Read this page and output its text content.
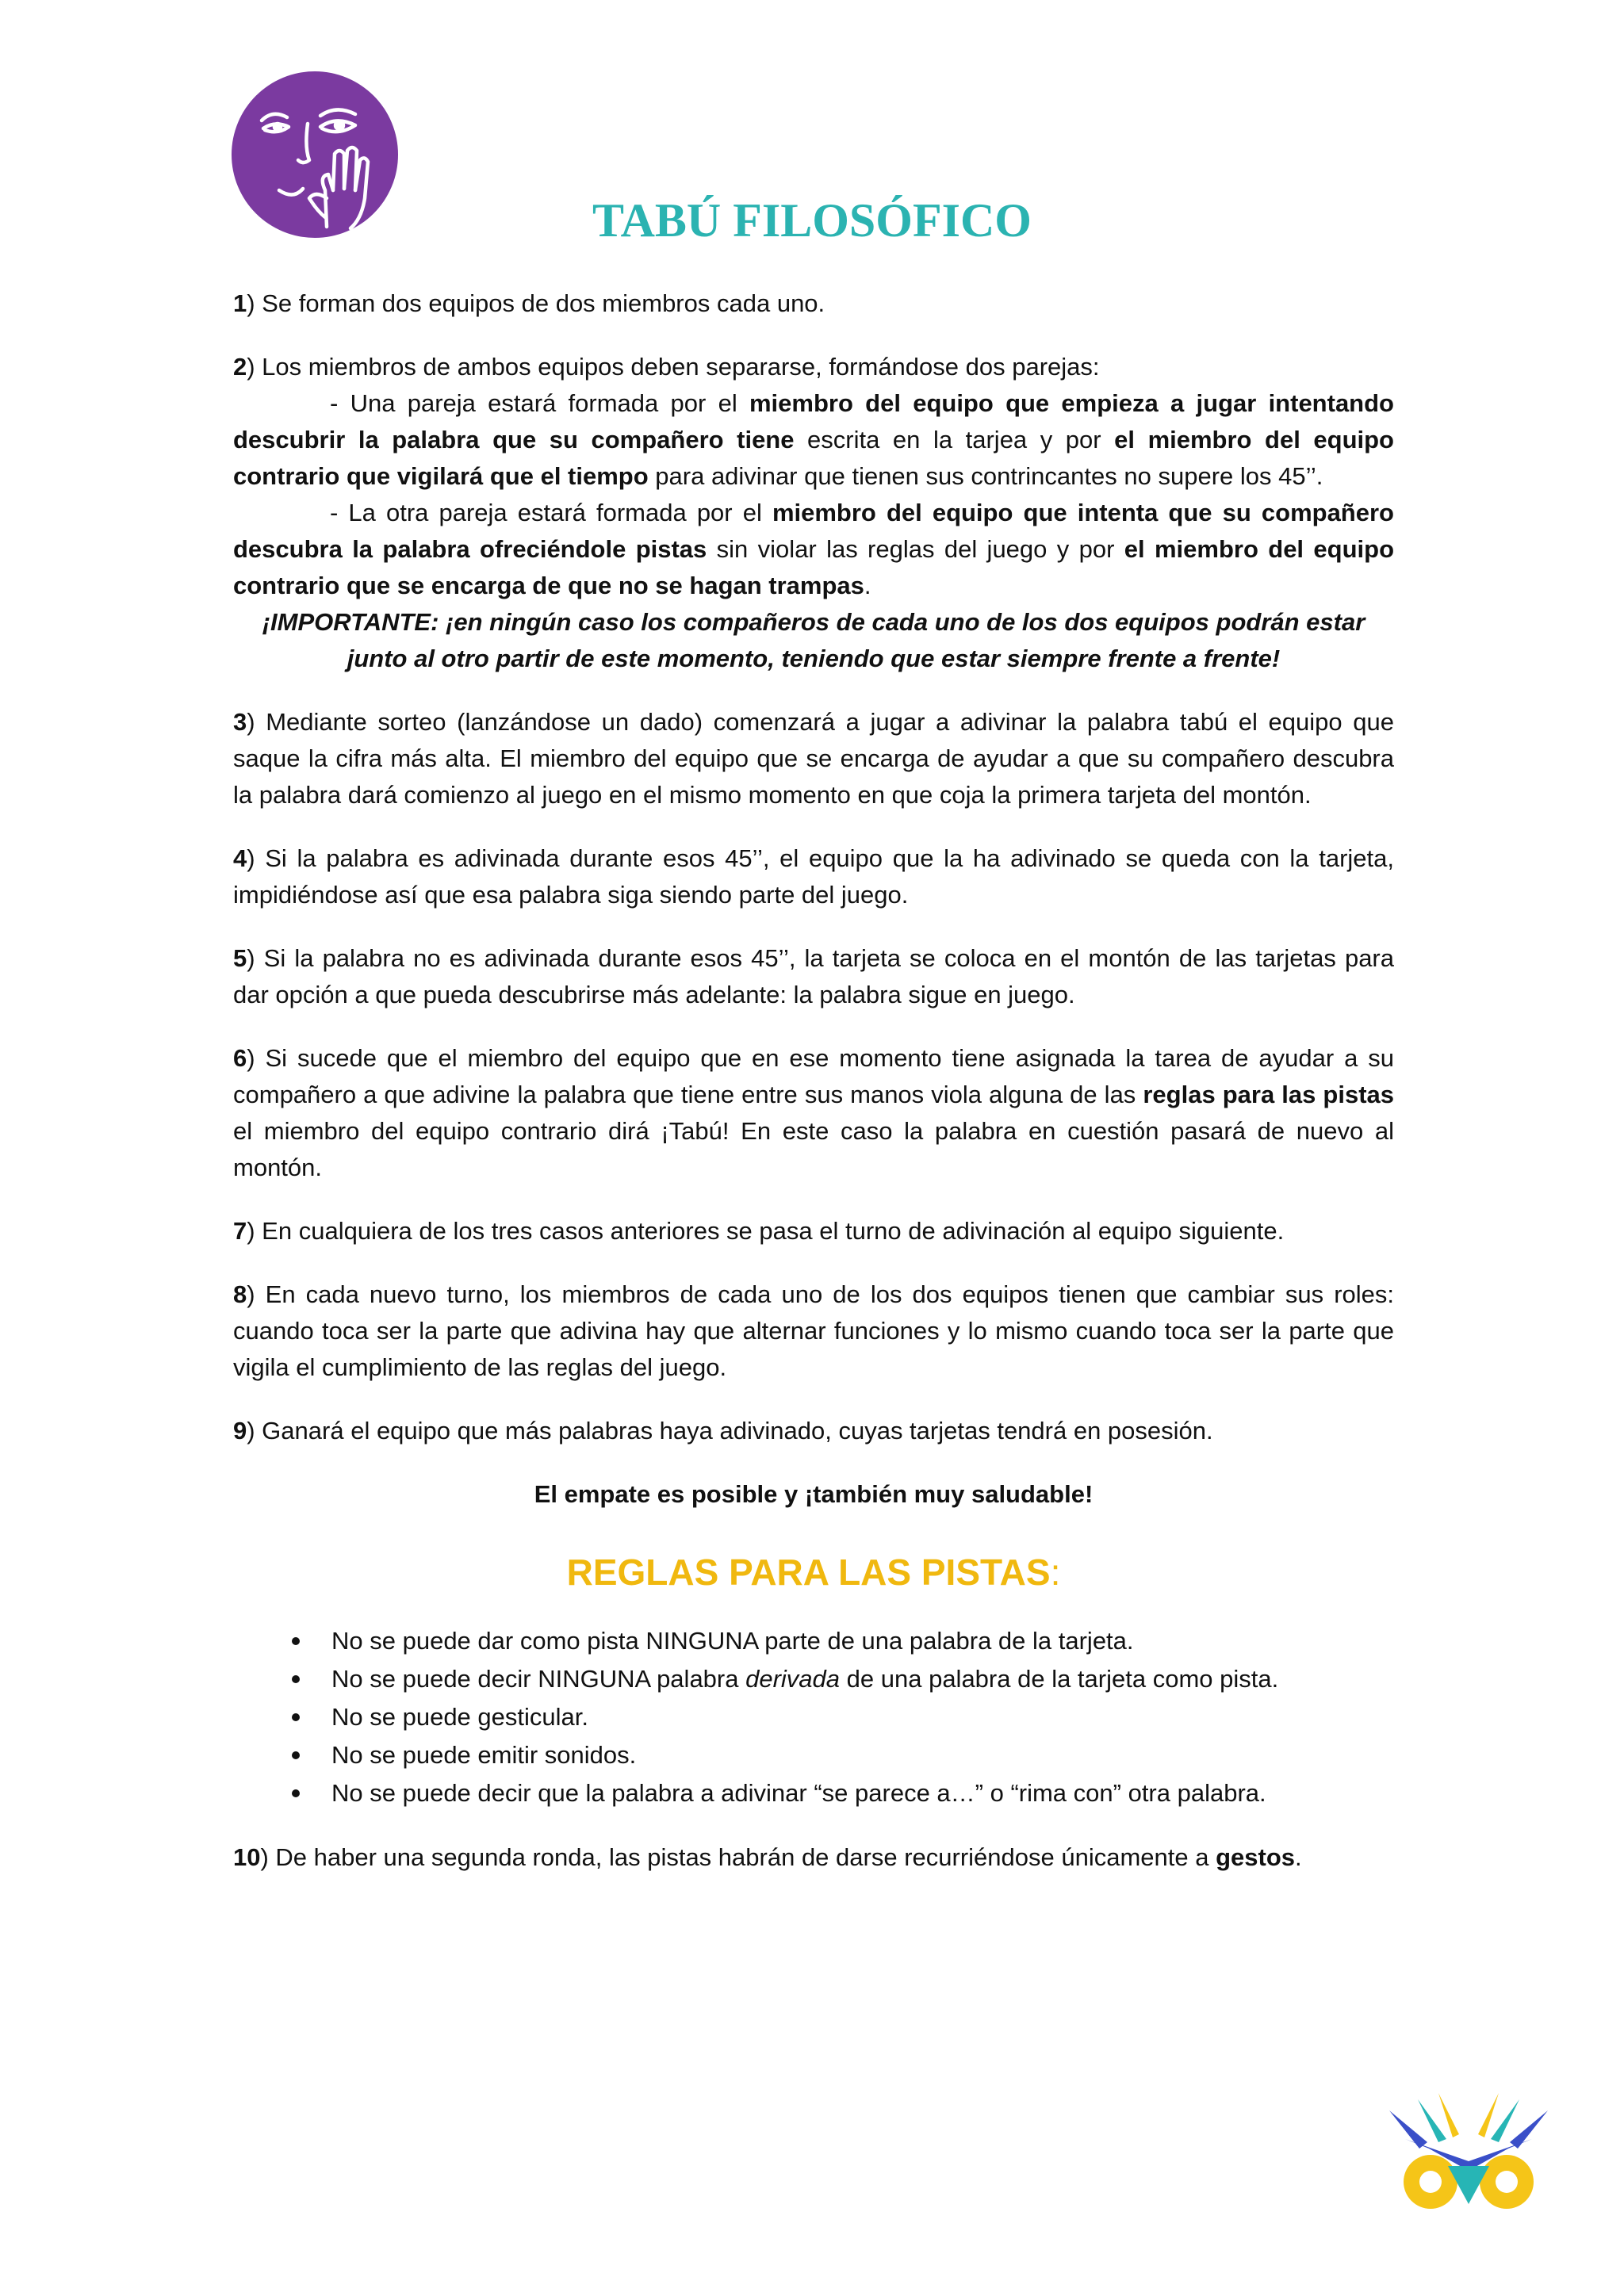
TABÚ FILOSÓFICO

1) Se forman dos equipos de dos miembros cada uno.

2) Los miembros de ambos equipos deben separarse, formándose dos parejas:

- Una pareja estará formada por el miembro del equipo que empieza a jugar intentando descubrir la palabra que su compañero tiene escrita en la tarjea y por el miembro del equipo contrario que vigilará que el tiempo para adivinar que tienen sus contrincantes no supere los 45’’.

- La otra pareja estará formada por el miembro del equipo que intenta que su compañero descubra la palabra ofreciéndole pistas sin violar las reglas del juego y por el miembro del equipo contrario que se encarga de que no se hagan trampas.

¡IMPORTANTE: ¡en ningún caso los compañeros de cada uno de los dos equipos podrán estar junto al otro partir de este momento, teniendo que estar siempre frente a frente!

3) Mediante sorteo (lanzándose un dado) comenzará a jugar a adivinar la palabra tabú el equipo que saque la cifra más alta. El miembro del equipo que se encarga de ayudar a que su compañero descubra la palabra dará comienzo al juego en el mismo momento en que coja la primera tarjeta del montón.

4) Si la palabra es adivinada durante esos 45’’, el equipo que la ha adivinado se queda con la tarjeta, impidiéndose así que esa palabra siga siendo parte del juego.

5) Si la palabra no es adivinada durante esos 45’’, la tarjeta se coloca en el montón de las tarjetas para dar opción a que pueda descubrirse más adelante: la palabra sigue en juego.

6) Si sucede que el miembro del equipo que en ese momento tiene asignada la tarea de ayudar a su compañero a que adivine la palabra que tiene entre sus manos viola alguna de las reglas para las pistas el miembro del equipo contrario dirá ¡Tabú! En este caso la palabra en cuestión pasará de nuevo al montón.

7) En cualquiera de los tres casos anteriores se pasa el turno de adivinación al equipo siguiente.

8) En cada nuevo turno, los miembros de cada uno de los dos equipos tienen que cambiar sus roles: cuando toca ser la parte que adivina hay que alternar funciones y lo mismo cuando toca ser la parte que vigila el cumplimiento de las reglas del juego.

9) Ganará el equipo que más palabras haya adivinado, cuyas tarjetas tendrá en posesión.

El empate es posible y ¡también muy saludable!

REGLAS PARA LAS PISTAS:
No se puede dar como pista NINGUNA parte de una palabra de la tarjeta.
No se puede decir NINGUNA palabra derivada de una palabra de la tarjeta como pista.
No se puede gesticular.
No se puede emitir sonidos.
No se puede decir que la palabra a adivinar “se parece a…” o “rima con” otra palabra.

10) De haber una segunda ronda, las pistas habrán de darse recurriéndose únicamente a gestos.
